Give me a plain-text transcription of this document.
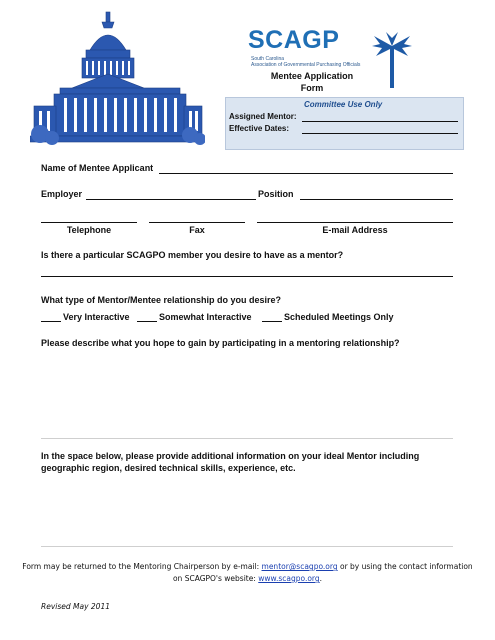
SCAGP
South Carolina
Association of Governmental Purchasing Officials
Mentee Application
Form
Committee Use Only
Assigned Mentor:
Effective Dates:
Name of Mentee Applicant
Employer	Position
Telephone	Fax	E-mail Address
Is there a particular SCAGPO member you desire to have as a mentor?
What type of Mentor/Mentee relationship do you desire?
Very Interactive	Somewhat Interactive	Scheduled Meetings Only
Please describe what you hope to gain by participating in a mentoring relationship?
In the space below, please provide additional information on your ideal Mentor including
geographic region, desired technical skills, experience, etc.
Form may be returned to the Mentoring Chairperson by e-mail: mentor@scagpo.org or by using the contact information
on SCAGPO's website: www.scagpo.org.
Revised May 2011
